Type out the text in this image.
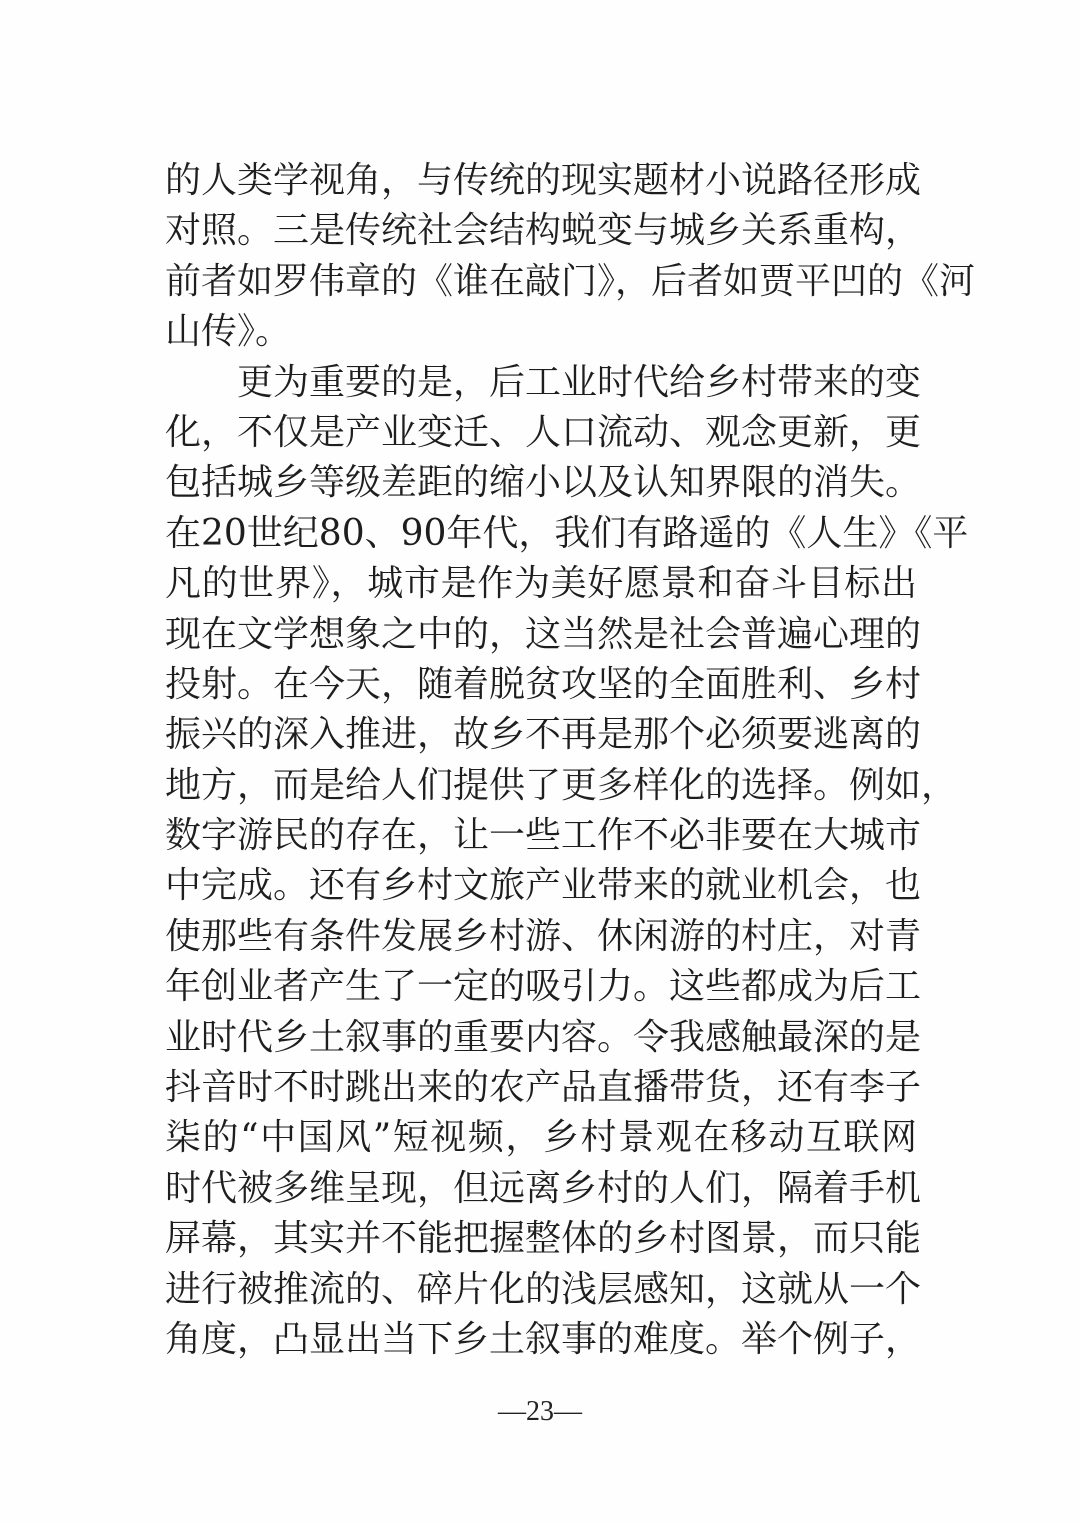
的人类学视角，与传统的现实题材小说路径形成
对照。三是传统社会结构蜕变与城乡关系重构，
前者如罗伟章的《谁在敲门》，后者如贾平凹的《河
山传》。
更为重要的是，后工业时代给乡村带来的变
化，不仅是产业变迁、人口流动、观念更新，更
包括城乡等级差距的缩小以及认知界限的消失。
在20世纪80、90年代，我们有路遥的《人生》《平
凡的世界》，城市是作为美好愿景和奋斗目标出
现在文学想象之中的，这当然是社会普遍心理的
投射。在今天，随着脱贫攻坚的全面胜利、乡村
振兴的深入推进，故乡不再是那个必须要逃离的
地方，而是给人们提供了更多样化的选择。例如，
数字游民的存在，让一些工作不必非要在大城市
中完成。还有乡村文旅产业带来的就业机会，也
使那些有条件发展乡村游、休闲游的村庄，对青
年创业者产生了一定的吸引力。这些都成为后工
业时代乡土叙事的重要内容。令我感触最深的是
抖音时不时跳出来的农产品直播带货，还有李子
柒的“中国风”短视频，乡村景观在移动互联网
时代被多维呈现，但远离乡村的人们，隔着手机
屏幕，其实并不能把握整体的乡村图景，而只能
进行被推流的、碎片化的浅层感知，这就从一个
角度，凸显出当下乡土叙事的难度。举个例子，
—23—
